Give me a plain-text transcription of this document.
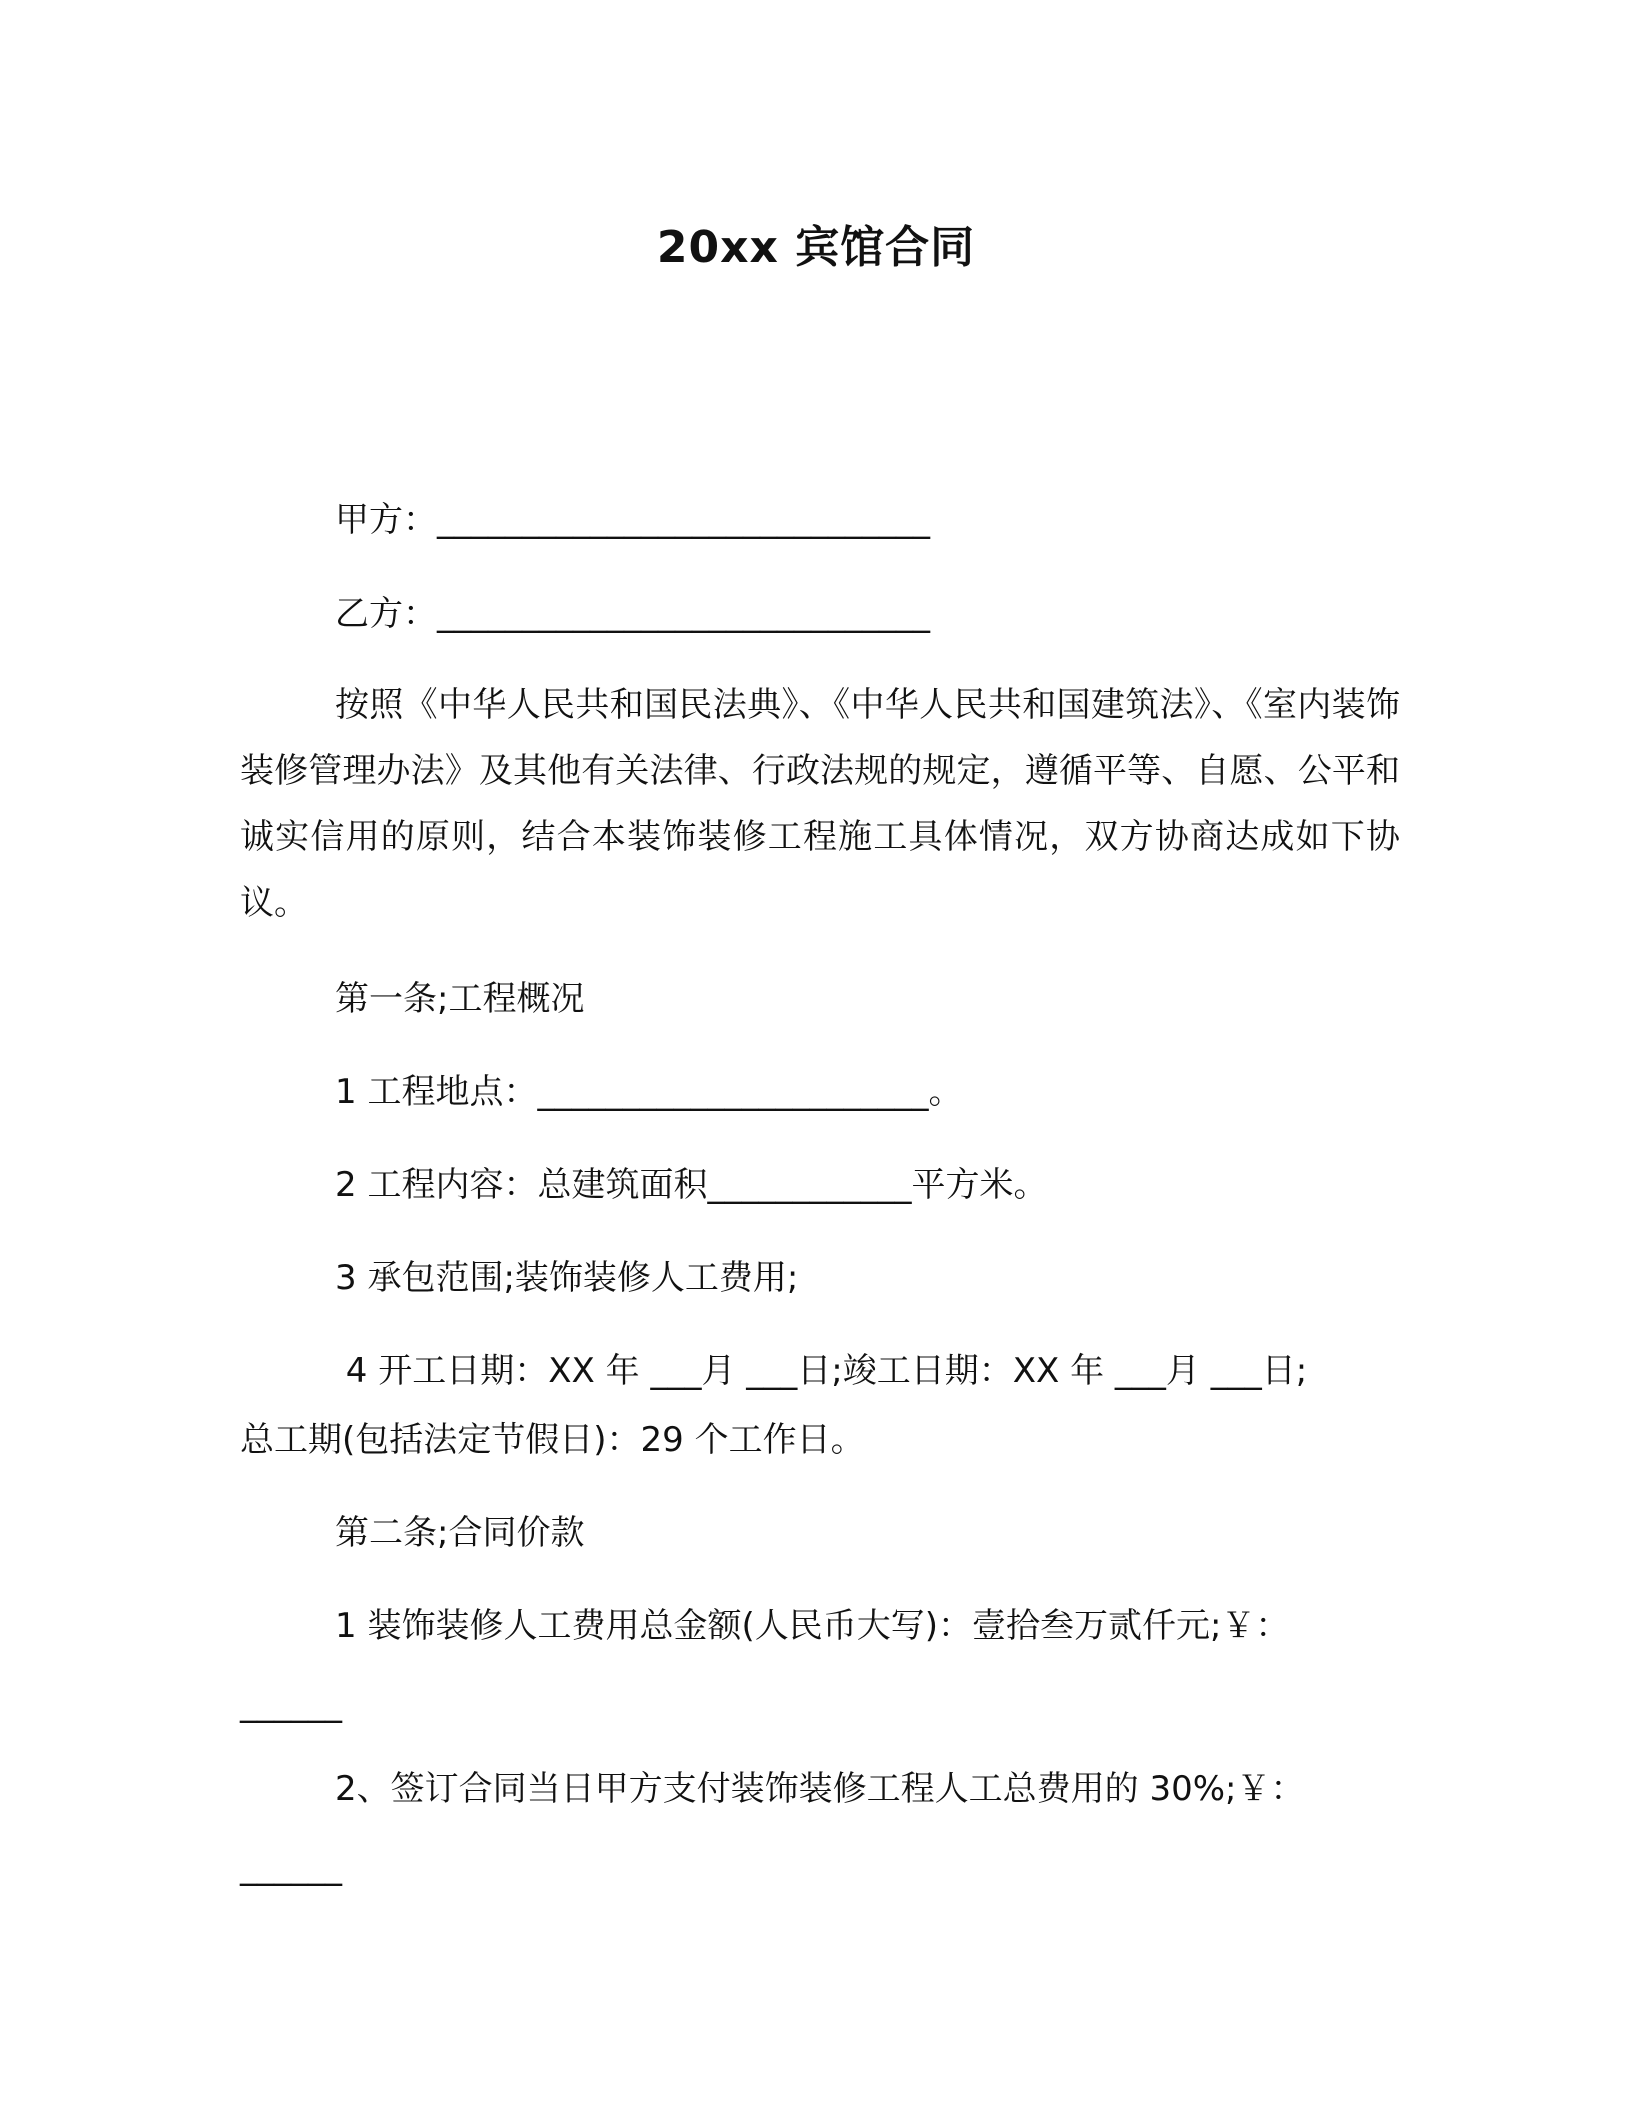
20xx 宾馆合同
甲方：_____________________________
乙方：_____________________________
按照《中华人民共和国民法典》、《中华人民共和国建筑法》、《室内装饰装修管理办法》及其他有关法律、行政法规的规定，遵循平等、自愿、公平和诚实信用的原则，结合本装饰装修工程施工具体情况，双方协商达成如下协议。
第一条;工程概况
1 工程地点：_______________________。
2 工程内容：总建筑面积____________平方米。
3 承包范围;装饰装修人工费用;
4 开工日期：XX 年 ___月 ___日;竣工日期：XX 年 ___月 ___日;
总工期(包括法定节假日)：29 个工作日。
第二条;合同价款
1 装饰装修人工费用总金额(人民币大写)：壹拾叁万贰仟元;￥：
______
2、签订合同当日甲方支付装饰装修工程人工总费用的 30%;￥：
______
